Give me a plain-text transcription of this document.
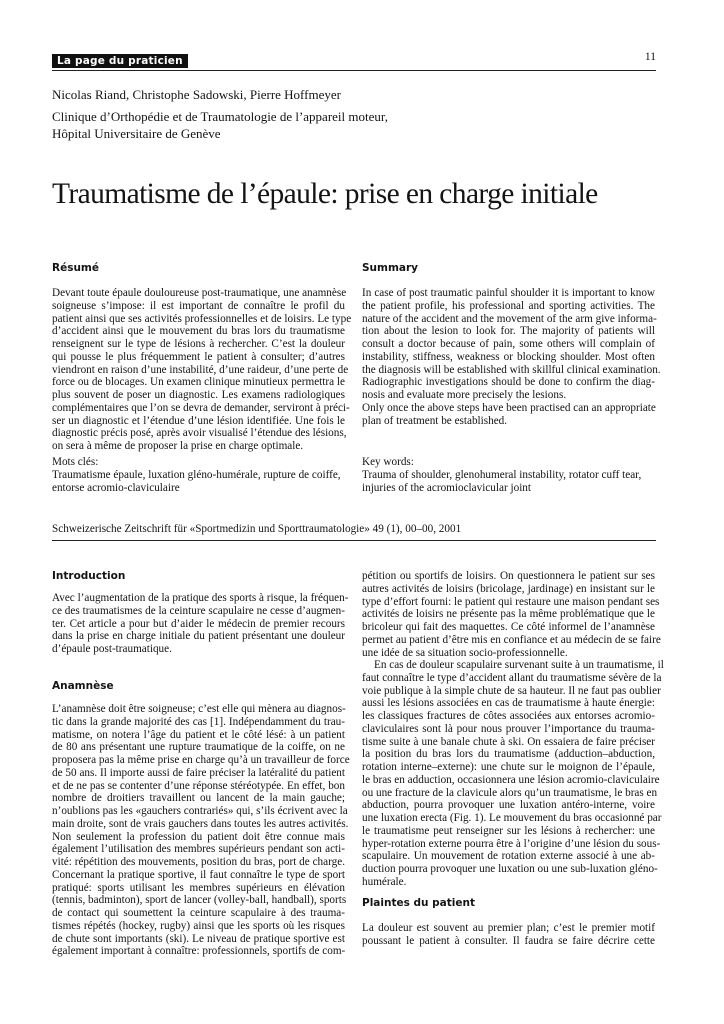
La page du praticien	11
Nicolas Riand, Christophe Sadowski, Pierre Hoffmeyer
Clinique d’Orthopédie et de Traumatologie de l’appareil moteur,
Hôpital Universitaire de Genève
Traumatisme de l’épaule: prise en charge initiale
Résumé
Devant toute épaule douloureuse post-traumatique, une anamnèse
soigneuse s’impose: il est important de connaître le profil du
patient ainsi que ses activités professionnelles et de loisirs. Le type
d’accident ainsi que le mouvement du bras lors du traumatisme
renseignent sur le type de lésions à rechercher. C’est la douleur
qui pousse le plus fréquemment le patient à consulter; d’autres
viendront en raison d’une instabilité, d’une raideur, d’une perte de
force ou de blocages. Un examen clinique minutieux permettra le
plus souvent de poser un diagnostic. Les examens radiologiques
complémentaires que l’on se devra de demander, serviront à préci-
ser un diagnostic et l’étendue d’une lésion identifiée. Une fois le
diagnostic précis posé, après avoir visualisé l’étendue des lésions,
on sera à même de proposer la prise en charge optimale.
Mots clés:
Traumatisme épaule, luxation gléno-humérale, rupture de coiffe,
entorse acromio-claviculaire
Summary
In case of post traumatic painful shoulder it is important to know
the patient profile, his professional and sporting activities. The
nature of the accident and the movement of the arm give informa-
tion about the lesion to look for. The majority of patients will
consult a doctor because of pain, some others will complain of
instability, stiffness, weakness or blocking shoulder. Most often
the diagnosis will be established with skillful clinical examination.
Radiographic investigations should be done to confirm the diag-
nosis and evaluate more precisely the lesions.
Only once the above steps have been practised can an appropriate
plan of treatment be established.
Key words:
Trauma of shoulder, glenohumeral instability, rotator cuff tear,
injuries of the acromioclavicular joint
Schweizerische Zeitschrift für «Sportmedizin und Sporttraumatologie» 49 (1), 00–00, 2001
Introduction
Avec l’augmentation de la pratique des sports à risque, la fréquen-
ce des traumatismes de la ceinture scapulaire ne cesse d’augmen-
ter. Cet article a pour but d’aider le médecin de premier recours
dans la prise en charge initiale du patient présentant une douleur
d’épaule post-traumatique.
Anamnèse
L’anamnèse doit être soigneuse; c’est elle qui mènera au diagnos-
tic dans la grande majorité des cas [1]. Indépendamment du trau-
matisme, on notera l’âge du patient et le côté lésé: à un patient
de 80 ans présentant une rupture traumatique de la coiffe, on ne
proposera pas la même prise en charge qu’à un travailleur de force
de 50 ans. Il importe aussi de faire préciser la latéralité du patient
et de ne pas se contenter d’une réponse stéréotypée. En effet, bon
nombre de droitiers travaillent ou lancent de la main gauche;
n’oublions pas les «gauchers contrariés» qui, s’ils écrivent avec la
main droite, sont de vrais gauchers dans toutes les autres activités.
Non seulement la profession du patient doit être connue mais
également l’utilisation des membres supérieurs pendant son acti-
vité: répétition des mouvements, position du bras, port de charge.
Concernant la pratique sportive, il faut connaître le type de sport
pratiqué: sports utilisant les membres supérieurs en élévation
(tennis, badminton), sport de lancer (volley-ball, handball), sports
de contact qui soumettent la ceinture scapulaire à des trauma-
tismes répétés (hockey, rugby) ainsi que les sports où les risques
de chute sont importants (ski). Le niveau de pratique sportive est
également important à connaître: professionnels, sportifs de com-
pétition ou sportifs de loisirs. On questionnera le patient sur ses
autres activités de loisirs (bricolage, jardinage) en insistant sur le
type d’effort fourni: le patient qui restaure une maison pendant ses
activités de loisirs ne présente pas la même problématique que le
bricoleur qui fait des maquettes. Ce côté informel de l’anamnèse
permet au patient d’être mis en confiance et au médecin de se faire
une idée de sa situation socio-professionnelle.
En cas de douleur scapulaire survenant suite à un traumatisme, il
faut connaître le type d’accident allant du traumatisme sévère de la
voie publique à la simple chute de sa hauteur. Il ne faut pas oublier
aussi les lésions associées en cas de traumatisme à haute énergie:
les classiques fractures de côtes associées aux entorses acromio-
claviculaires sont là pour nous prouver l’importance du trauma-
tisme suite à une banale chute à ski. On essaiera de faire préciser
la position du bras lors du traumatisme (adduction–abduction,
rotation interne–externe): une chute sur le moignon de l’épaule,
le bras en adduction, occasionnera une lésion acromio-claviculaire
ou une fracture de la clavicule alors qu’un traumatisme, le bras en
abduction, pourra provoquer une luxation antéro-interne, voire
une luxation erecta (Fig. 1). Le mouvement du bras occasionné par
le traumatisme peut renseigner sur les lésions à rechercher: une
hyper-rotation externe pourra être à l’origine d’une lésion du sous-
scapulaire. Un mouvement de rotation externe associé à une ab-
duction pourra provoquer une luxation ou une sub-luxation gléno-
humérale.
Plaintes du patient
La douleur est souvent au premier plan; c’est le premier motif
poussant le patient à consulter. Il faudra se faire décrire cette
